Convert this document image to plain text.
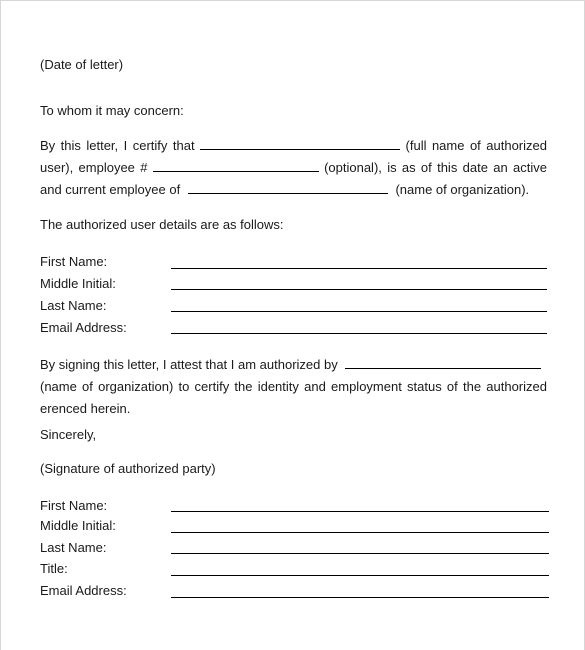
(Date of letter)

To whom it may concern:

By this letter, I certify that	(full name of authorized
user), employee #	(optional), is as of this date an active
and current employee of	(name of organization).

The authorized user details are as follows:

First Name:
Middle Initial:
Last Name:
Email Address:
By signing this letter, I attest that I am authorized by
(name of organization) to certify the identity and employment status of the authorized

erenced herein.

Sincerely,

(Signature of authorized party)

First Name:
Middle Initial:
Last Name:
Title:
Email Address:
